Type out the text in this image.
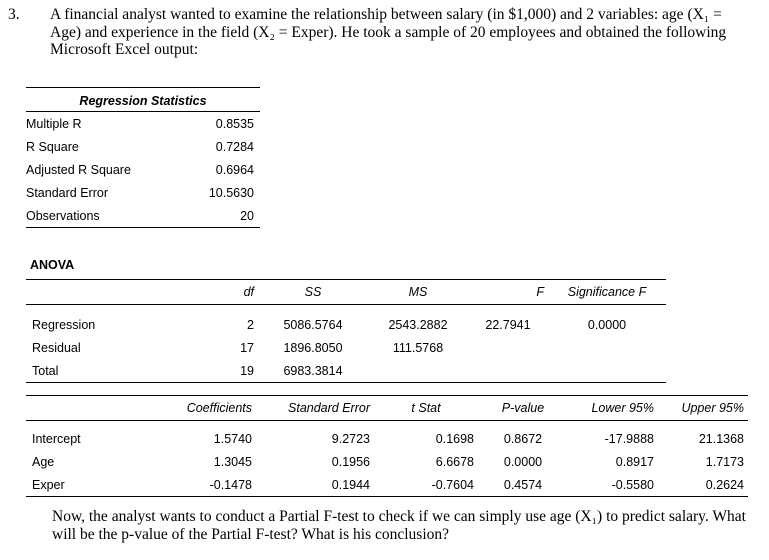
3. A financial analyst wanted to examine the relationship between salary (in $1,000) and 2 variables: age (X₁ = Age) and experience in the field (X₂ = Exper). He took a sample of 20 employees and obtained the following Microsoft Excel output:
Regression Statistics
Multiple R	0.8535
R Square	0.7284
Adjusted R Square	0.6964
Standard Error	10.5630
Observations	20
ANOVA
	df	SS	MS	F	Significance F

Regression	2	5086.5764	2543.2882	22.7941	0.0000
Residual	17	1896.8050	111.5768		
Total	19	6983.3814			
	Coefficients	Standard Error	t Stat	P-value	Lower 95%	Upper 95%

Intercept	1.5740	9.2723	0.1698	0.8672	-17.9888	21.1368
Age	1.3045	0.1956	6.6678	0.0000	0.8917	1.7173
Exper	-0.1478	0.1944	-0.7604	0.4574	-0.5580	0.2624
Now, the analyst wants to conduct a Partial F-test to check if we can simply use age (X₁) to predict salary. What will be the p-value of the Partial F-test? What is his conclusion?
